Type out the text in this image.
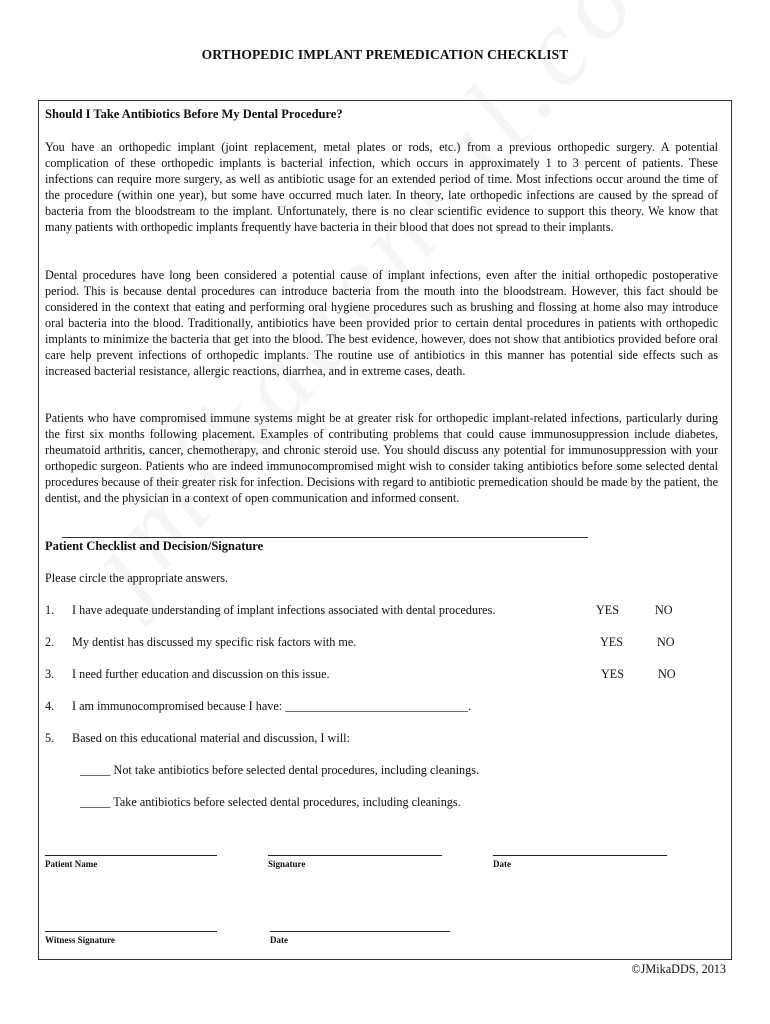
ORTHOPEDIC IMPLANT PREMEDICATION CHECKLIST
Should I Take Antibiotics Before My Dental Procedure?

You have an orthopedic implant (joint replacement, metal plates or rods, etc.) from a previous orthopedic surgery. A potential complication of these orthopedic implants is bacterial infection, which occurs in approximately 1 to 3 percent of patients. These infections can require more surgery, as well as antibiotic usage for an extended period of time. Most infections occur around the time of the procedure (within one year), but some have occurred much later. In theory, late orthopedic infections are caused by the spread of bacteria from the bloodstream to the implant. Unfortunately, there is no clear scientific evidence to support this theory. We know that many patients with orthopedic implants frequently have bacteria in their blood that does not spread to their implants.

Dental procedures have long been considered a potential cause of implant infections, even after the initial orthopedic postoperative period. This is because dental procedures can introduce bacteria from the mouth into the bloodstream. However, this fact should be considered in the context that eating and performing oral hygiene procedures such as brushing and flossing at home also may introduce oral bacteria into the blood. Traditionally, antibiotics have been provided prior to certain dental procedures in patients with orthopedic implants to minimize the bacteria that get into the blood. The best evidence, however, does not show that antibiotics provided before oral care help prevent infections of orthopedic implants. The routine use of antibiotics in this manner has potential side effects such as increased bacterial resistance, allergic reactions, diarrhea, and in extreme cases, death.

Patients who have compromised immune systems might be at greater risk for orthopedic implant-related infections, particularly during the first six months following placement. Examples of contributing problems that could cause immunosuppression include diabetes, rheumatoid arthritis, cancer, chemotherapy, and chronic steroid use. You should discuss any potential for immunosuppression with your orthopedic surgeon. Patients who are indeed immunocompromised might wish to consider taking antibiotics before some selected dental procedures because of their greater risk for infection. Decisions with regard to antibiotic premedication should be made by the patient, the dentist, and the physician in a context of open communication and informed consent.

Patient Checklist and Decision/Signature
Please circle the appropriate answers.
1. I have adequate understanding of implant infections associated with dental procedures.	YES	NO
2. My dentist has discussed my specific risk factors with me.	YES	NO
3. I need further education and discussion on this issue.	YES	NO
4. I am immunocompromised because I have: ______________________________.
5. Based on this educational material and discussion, I will:
_____ Not take antibiotics before selected dental procedures, including cleanings.
_____ Take antibiotics before selected dental procedures, including cleanings.
Patient Name	Signature	Date
Witness Signature	Date
©JMikaDDS, 2013
